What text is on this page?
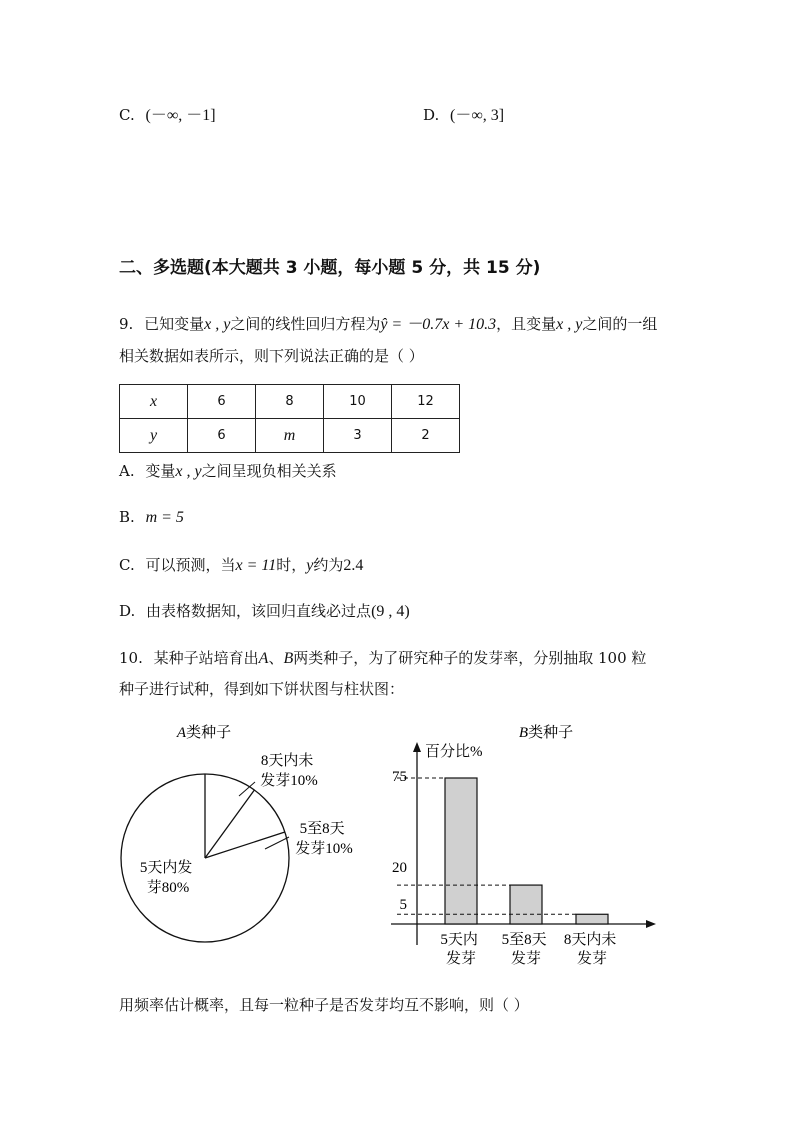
C. (－∞, －1]	D. (－∞, 3]
二、多选题(本大题共 3 小题，每小题 5 分，共 15 分)
9. 已知变量x , y之间的线性回归方程为ŷ = －0.7x + 10.3，且变量x , y之间的一组
相关数据如表所示，则下列说法正确的是（ ）
x	6	8	10	12
y	6	m	3	2
A. 变量x , y之间呈现负相关关系
B. m = 5
C. 可以预测，当x = 11时，y约为2.4
D. 由表格数据知，该回归直线必过点(9 , 4)
10. 某种子站培育出A、B两类种子，为了研究种子的发芽率，分别抽取 100 粒
种子进行试种，得到如下饼状图与柱状图：
A类种子
5天内发 芽80%
5至8天 发芽10%
8天内未 发芽10%
B类种子
百分比%
75
20
5
5天内 发芽
5至8天 发芽
8天内未 发芽
用频率估计概率，且每一粒种子是否发芽均互不影响，则（ ）
